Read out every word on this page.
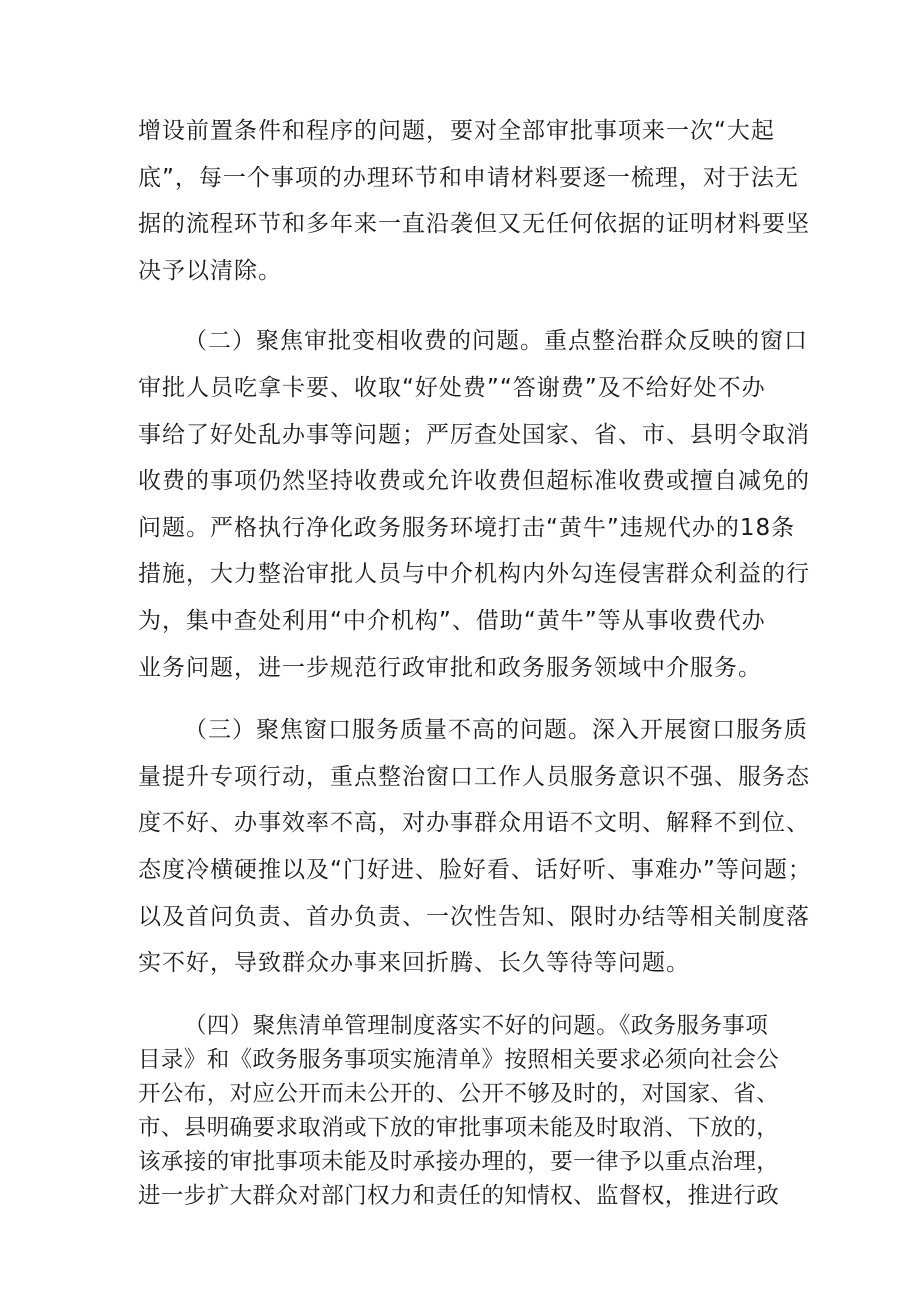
增设前置条件和程序的问题，要对全部审批事项来一次“大起
底”，每一个事项的办理环节和申请材料要逐一梳理，对于法无
据的流程环节和多年来一直沿袭但又无任何依据的证明材料要坚
决予以清除。
（二）聚焦审批变相收费的问题。重点整治群众反映的窗口
审批人员吃拿卡要、收取“好处费”“答谢费”及不给好处不办
事给了好处乱办事等问题；严厉查处国家、省、市、县明令取消
收费的事项仍然坚持收费或允许收费但超标准收费或擅自减免的
问题。严格执行净化政务服务环境打击“黄牛”违规代办的18条
措施，大力整治审批人员与中介机构内外勾连侵害群众利益的行
为，集中查处利用“中介机构”、借助“黄牛”等从事收费代办
业务问题，进一步规范行政审批和政务服务领域中介服务。
（三）聚焦窗口服务质量不高的问题。深入开展窗口服务质
量提升专项行动，重点整治窗口工作人员服务意识不强、服务态
度不好、办事效率不高，对办事群众用语不文明、解释不到位、
态度冷横硬推以及“门好进、脸好看、话好听、事难办”等问题；
以及首问负责、首办负责、一次性告知、限时办结等相关制度落
实不好，导致群众办事来回折腾、长久等待等问题。
（四）聚焦清单管理制度落实不好的问题。《政务服务事项
目录》和《政务服务事项实施清单》按照相关要求必须向社会公
开公布，对应公开而未公开的、公开不够及时的，对国家、省、
市、县明确要求取消或下放的审批事项未能及时取消、下放的，
该承接的审批事项未能及时承接办理的，要一律予以重点治理，
进一步扩大群众对部门权力和责任的知情权、监督权，推进行政
